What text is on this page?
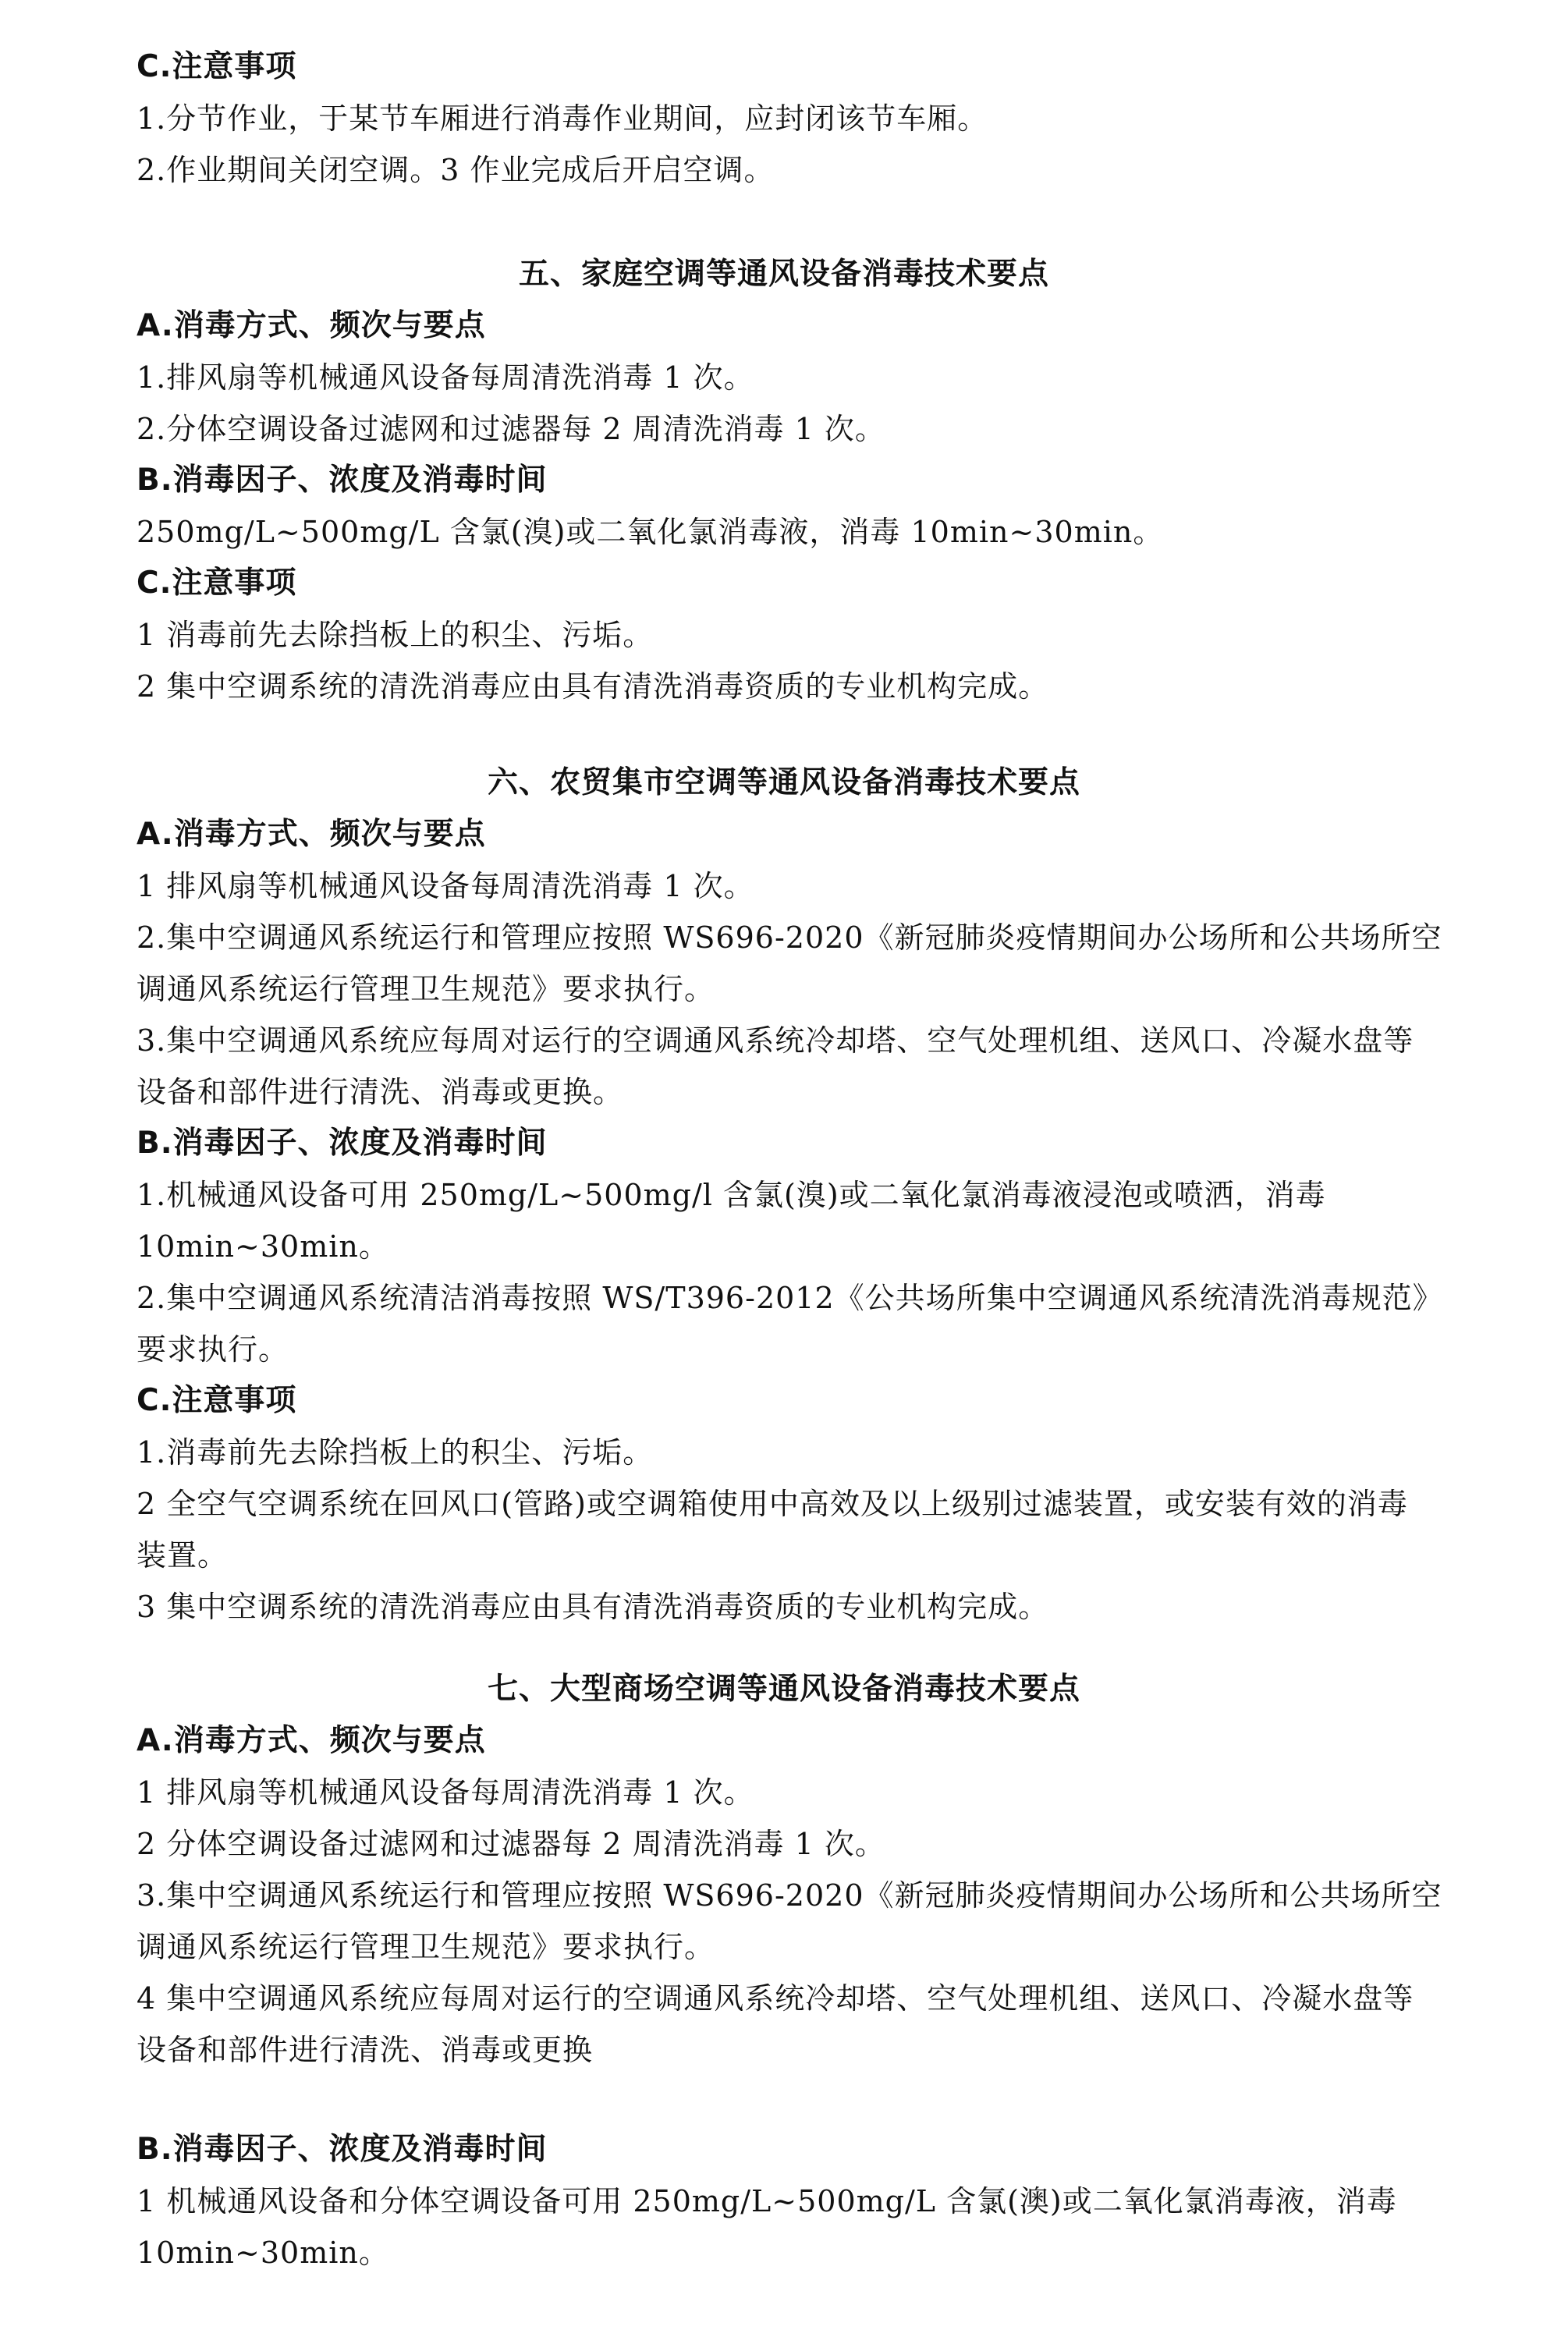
C.注意事项
1.分节作业，于某节车厢进行消毒作业期间，应封闭该节车厢。
2.作业期间关闭空调。3 作业完成后开启空调。
五、家庭空调等通风设备消毒技术要点
A.消毒方式、频次与要点
1.排风扇等机械通风设备每周清洗消毒 1 次。
2.分体空调设备过滤网和过滤器每 2 周清洗消毒 1 次。
B.消毒因子、浓度及消毒时间
250mg/L~500mg/L 含氯(溴)或二氧化氯消毒液，消毒 10min~30min。
C.注意事项
1 消毒前先去除挡板上的积尘、污垢。
2 集中空调系统的清洗消毒应由具有清洗消毒资质的专业机构完成。
六、农贸集市空调等通风设备消毒技术要点
A.消毒方式、频次与要点
1 排风扇等机械通风设备每周清洗消毒 1 次。
2.集中空调通风系统运行和管理应按照 WS696-2020《新冠肺炎疫情期间办公场所和公共场所空
调通风系统运行管理卫生规范》要求执行。
3.集中空调通风系统应每周对运行的空调通风系统冷却塔、空气处理机组、送风口、冷凝水盘等
设备和部件进行清洗、消毒或更换。
B.消毒因子、浓度及消毒时间
1.机械通风设备可用 250mg/L~500mg/l 含氯(溴)或二氧化氯消毒液浸泡或喷洒，消毒
10min~30min。
2.集中空调通风系统清洁消毒按照 WS/T396-2012《公共场所集中空调通风系统清洗消毒规范》
要求执行。
C.注意事项
1.消毒前先去除挡板上的积尘、污垢。
2 全空气空调系统在回风口(管路)或空调箱使用中高效及以上级别过滤装置，或安装有效的消毒
装置。
3 集中空调系统的清洗消毒应由具有清洗消毒资质的专业机构完成。
七、大型商场空调等通风设备消毒技术要点
A.消毒方式、频次与要点
1 排风扇等机械通风设备每周清洗消毒 1 次。
2 分体空调设备过滤网和过滤器每 2 周清洗消毒 1 次。
3.集中空调通风系统运行和管理应按照 WS696-2020《新冠肺炎疫情期间办公场所和公共场所空
调通风系统运行管理卫生规范》要求执行。
4 集中空调通风系统应每周对运行的空调通风系统冷却塔、空气处理机组、送风口、冷凝水盘等
设备和部件进行清洗、消毒或更换
B.消毒因子、浓度及消毒时间
1 机械通风设备和分体空调设备可用 250mg/L~500mg/L 含氯(澳)或二氧化氯消毒液，消毒
10min~30min。
